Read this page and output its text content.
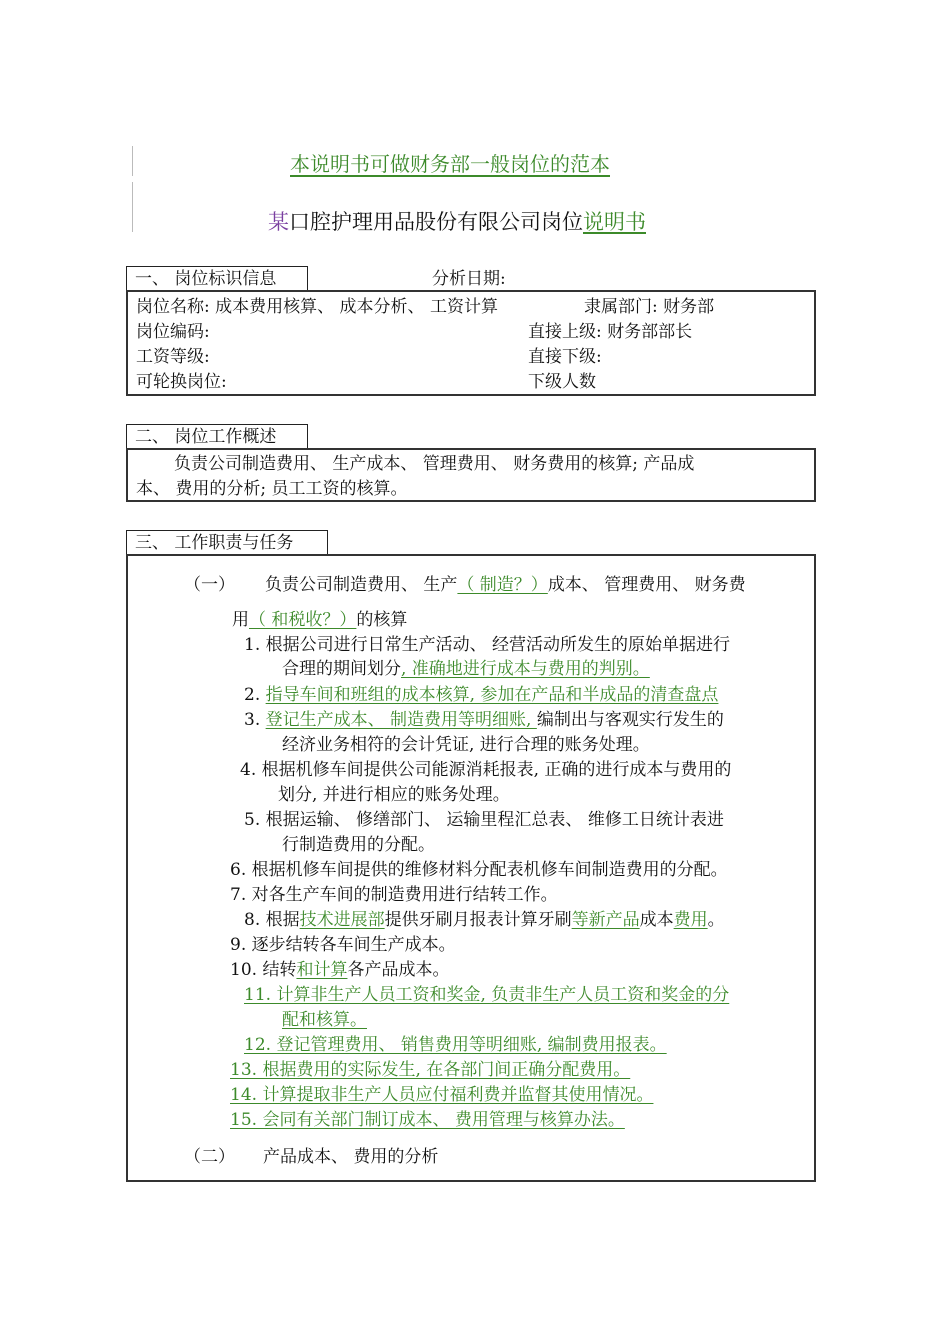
本说明书可做财务部一般岗位的范本
某口腔护理用品股份有限公司岗位说明书
一、 岗位标识信息	分析日期:
岗位名称: 成本费用核算、 成本分析、 工资计算	隶属部门: 财务部
岗位编码:	直接上级: 财务部部长
工资等级:	直接下级:
可轮换岗位:	下级人数
二、 岗位工作概述
负责公司制造费用、 生产成本、 管理费用、 财务费用的核算; 产品成
本、 费用的分析; 员工工资的核算。
三、 工作职责与任务
（一） 负责公司制造费用、 生产（ 制造？）成本、 管理费用、 财务费
用（ 和税收？）的核算
1. 根据公司进行日常生产活动、 经营活动所发生的原始单据进行
合理的期间划分, 准确地进行成本与费用的判别。
2. 指导车间和班组的成本核算, 参加在产品和半成品的清查盘点
3. 登记生产成本、 制造费用等明细账, 编制出与客观实行发生的
经济业务相符的会计凭证, 进行合理的账务处理。
4. 根据机修车间提供公司能源消耗报表, 正确的进行成本与费用的
划分, 并进行相应的账务处理。
5. 根据运输、 修缮部门、 运输里程汇总表、 维修工日统计表进
行制造费用的分配。
6. 根据机修车间提供的维修材料分配表机修车间制造费用的分配。
7. 对各生产车间的制造费用进行结转工作。
8. 根据技术进展部提供牙刷月报表计算牙刷等新产品成本费用。
9. 逐步结转各车间生产成本。
10. 结转和计算各产品成本。
11. 计算非生产人员工资和奖金, 负责非生产人员工资和奖金的分
配和核算。
12. 登记管理费用、 销售费用等明细账, 编制费用报表。
13. 根据费用的实际发生, 在各部门间正确分配费用。
14. 计算提取非生产人员应付福利费并监督其使用情况。
15. 会同有关部门制订成本、 费用管理与核算办法。
（二） 产品成本、 费用的分析
